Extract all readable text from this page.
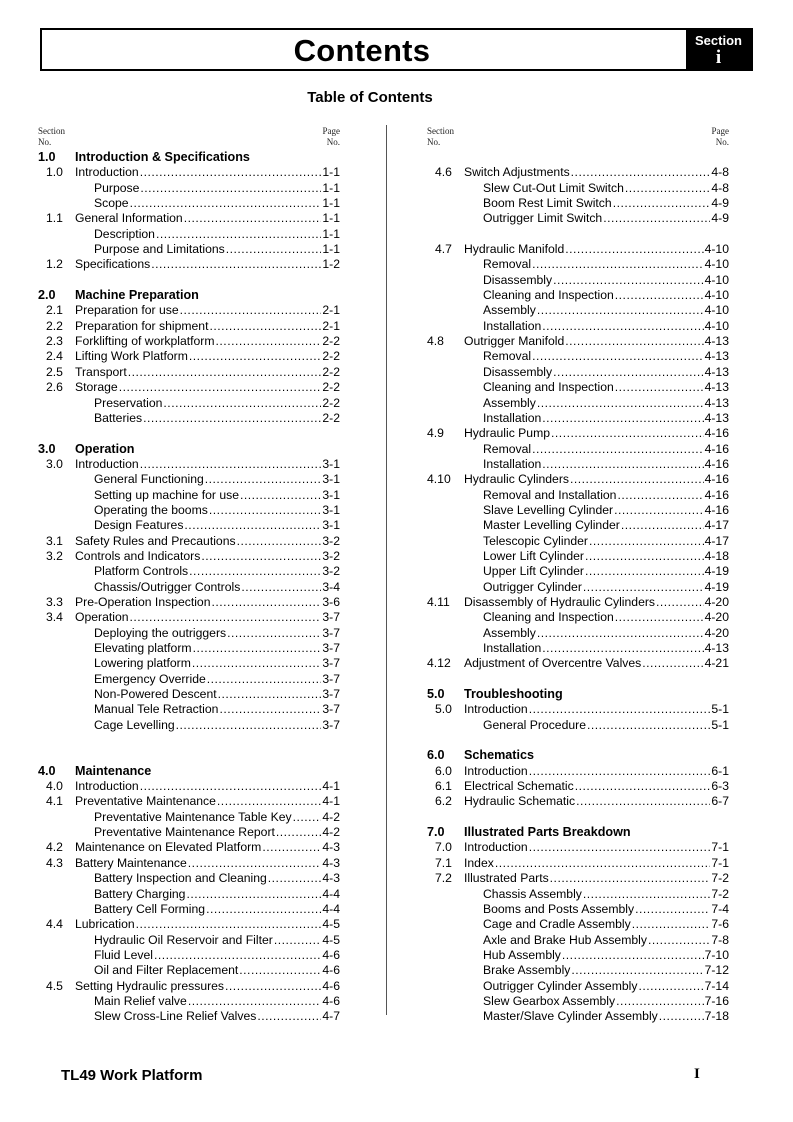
Contents	Section
i
Table of Contents
Section
No.
Page
No.
1.0	Introduction & Specifications
1.0 Introduction .....	1-1
Purpose .....	1-1
Scope .....	1-1
1.1 General Information .....	1-1
Description .....	1-1
Purpose and Limitations .....	1-1
1.2 Specifications .....	1-2
2.0	Machine Preparation
2.1 Preparation for use .....	2-1
2.2 Preparation for shipment .....	2-1
2.3 Forklifting of workplatform .....	2-2
2.4 Lifting Work Platform .....	2-2
2.5 Transport .....	2-2
2.6 Storage .....	2-2
Preservation .....	2-2
Batteries .....	2-2
3.0	Operation
3.0 Introduction .....	3-1
General Functioning .....	3-1
Setting up machine for use .....	3-1
Operating the booms .....	3-1
Design Features .....	3-1
3.1 Safety Rules and Precautions .....	3-2
3.2 Controls and Indicators .....	3-2
Platform Controls .....	3-2
Chassis/Outrigger Controls .....	3-4
3.3 Pre-Operation Inspection .....	3-6
3.4 Operation .....	3-7
Deploying the outriggers .....	3-7
Elevating platform .....	3-7
Lowering platform .....	3-7
Emergency Override .....	3-7
Non-Powered Descent .....	3-7
Manual Tele Retraction .....	3-7
Cage Levelling .....	3-7
4.0	Maintenance
4.0 Introduction .....	4-1
4.1 Preventative Maintenance .....	4-1
Preventative Maintenance Table Key .....	4-2
Preventative Maintenance Report .....	4-2
4.2 Maintenance on Elevated Platform .....	4-3
4.3 Battery Maintenance .....	4-3
Battery Inspection and Cleaning .....	4-3
Battery Charging .....	4-4
Battery Cell Forming .....	4-4
4.4 Lubrication .....	4-5
Hydraulic Oil Reservoir and Filter .....	4-5
Fluid Level .....	4-6
Oil and Filter Replacement .....	4-6
4.5 Setting Hydraulic pressures .....	4-6
Main Relief valve .....	4-6
Slew Cross-Line Relief Valves .....	4-7
Section
No.
Page
No.
4.6 Switch Adjustments .....	4-8
Slew Cut-Out Limit Switch .....	4-8
Boom Rest Limit Switch .....	4-9
Outrigger Limit Switch .....	4-9
4.7 Hydraulic Manifold .....	4-10
Removal .....	4-10
Disassembly .....	4-10
Cleaning and Inspection .....	4-10
Assembly .....	4-10
Installation .....	4-10
4.8	Outrigger Manifold .....	4-13
Removal .....	4-13
Disassembly .....	4-13
Cleaning and Inspection .....	4-13
Assembly .....	4-13
Installation .....	4-13
4.9	Hydraulic Pump .....	4-16
Removal .....	4-16
Installation .....	4-16
4.10	Hydraulic Cylinders .....	4-16
Removal and Installation .....	4-16
Slave Levelling Cylinder .....	4-16
Master Levelling Cylinder .....	4-17
Telescopic Cylinder .....	4-17
Lower Lift Cylinder .....	4-18
Upper Lift Cylinder .....	4-19
Outrigger Cylinder .....	4-19
4.11	Disassembly of Hydraulic Cylinders .....	4-20
Cleaning and Inspection .....	4-20
Assembly .....	4-20
Installation .....	4-13
4.12	Adjustment of Overcentre Valves .....	4-21
5.0	Troubleshooting
5.0 Introduction .....	5-1
General Procedure .....	5-1
6.0	Schematics
6.0 Introduction .....	6-1
6.1 Electrical Schematic .....	6-3
6.2 Hydraulic Schematic .....	6-7
7.0	Illustrated Parts Breakdown
7.0 Introduction .....	7-1
7.1 Index .....	7-1
7.2 Illustrated Parts .....	7-2
Chassis Assembly .....	7-2
Booms and Posts Assembly .....	7-4
Cage and Cradle Assembly .....	7-6
Axle and Brake Hub Assembly .....	7-8
Hub Assembly .....	7-10
Brake Assembly .....	7-12
Outrigger Cylinder Assembly .....	7-14
Slew Gearbox Assembly .....	7-16
Master/Slave Cylinder Assembly .....	7-18
TL49 Work Platform	I
